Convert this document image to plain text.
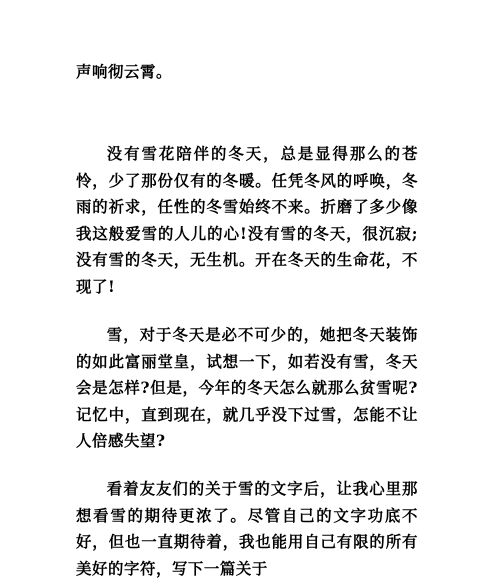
声响彻云霄。

没有雪花陪伴的冬天，总是显得那么的苍怜，少了那份仅有的冬暖。任凭冬风的呼唤，冬雨的祈求，任性的冬雪始终不来。折磨了多少像我这般爱雪的人儿的心!没有雪的冬天，很沉寂;没有雪的冬天，无生机。开在冬天的生命花，不现了!

雪，对于冬天是必不可少的，她把冬天装饰的如此富丽堂皇，试想一下，如若没有雪，冬天会是怎样?但是，今年的冬天怎么就那么贫雪呢?记忆中，直到现在，就几乎没下过雪，怎能不让人倍感失望?

看着友友们的关于雪的文字后，让我心里那想看雪的期待更浓了。尽管自己的文字功底不好，但也一直期待着，我也能用自己有限的所有美好的字符，写下一篇关于
